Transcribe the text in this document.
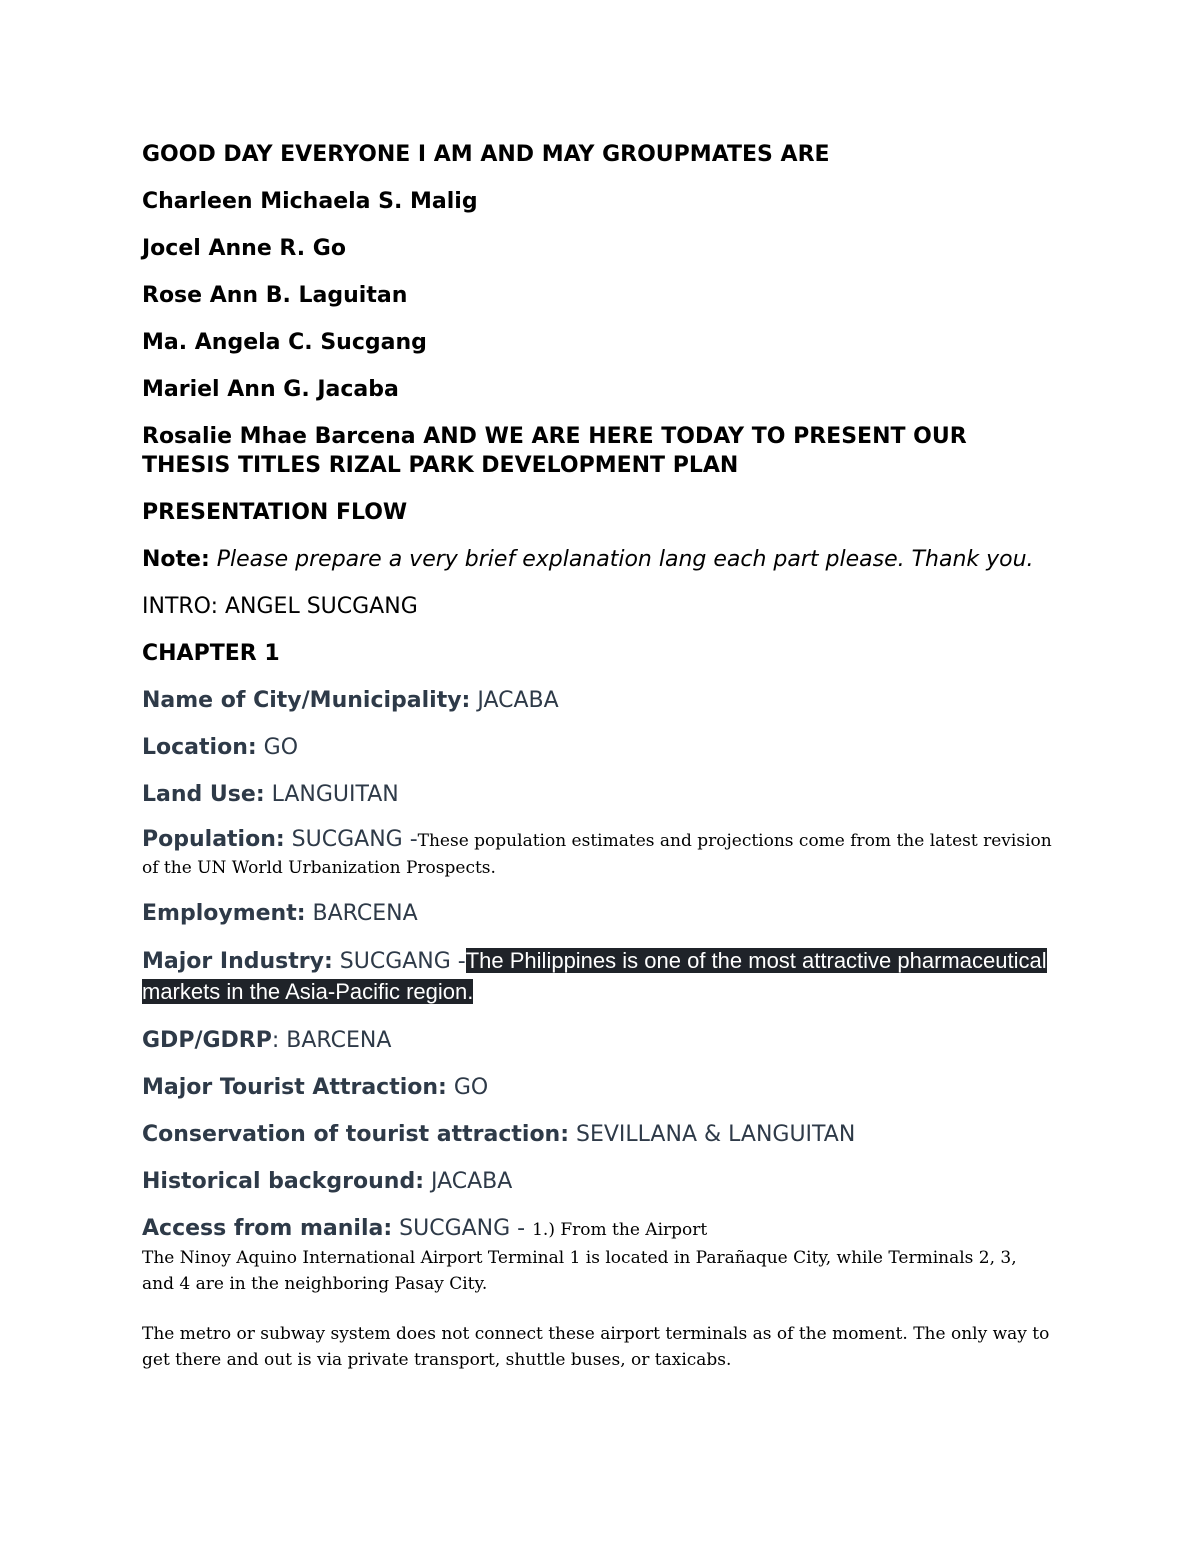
GOOD DAY EVERYONE I AM AND MAY GROUPMATES ARE
Charleen Michaela S. Malig
Jocel Anne R. Go
Rose Ann B. Laguitan
Ma. Angela C. Sucgang
Mariel Ann G. Jacaba
Rosalie Mhae Barcena AND WE ARE HERE TODAY TO PRESENT OUR THESIS TITLES RIZAL PARK DEVELOPMENT PLAN
PRESENTATION FLOW
Note: Please prepare a very brief explanation lang each part please. Thank you.
INTRO: ANGEL SUCGANG
CHAPTER 1
Name of City/Municipality: JACABA
Location: GO
Land Use: LANGUITAN
Population: SUCGANG -These population estimates and projections come from the latest revision of the UN World Urbanization Prospects.
Employment: BARCENA
Major Industry: SUCGANG -The Philippines is one of the most attractive pharmaceutical markets in the Asia-Pacific region.
GDP/GDRP: BARCENA
Major Tourist Attraction: GO
Conservation of tourist attraction: SEVILLANA & LANGUITAN
Historical background: JACABA
Access from manila: SUCGANG - 1.) From the Airport
The Ninoy Aquino International Airport Terminal 1 is located in Parañaque City, while Terminals 2, 3, and 4 are in the neighboring Pasay City.
The metro or subway system does not connect these airport terminals as of the moment. The only way to get there and out is via private transport, shuttle buses, or taxicabs.
